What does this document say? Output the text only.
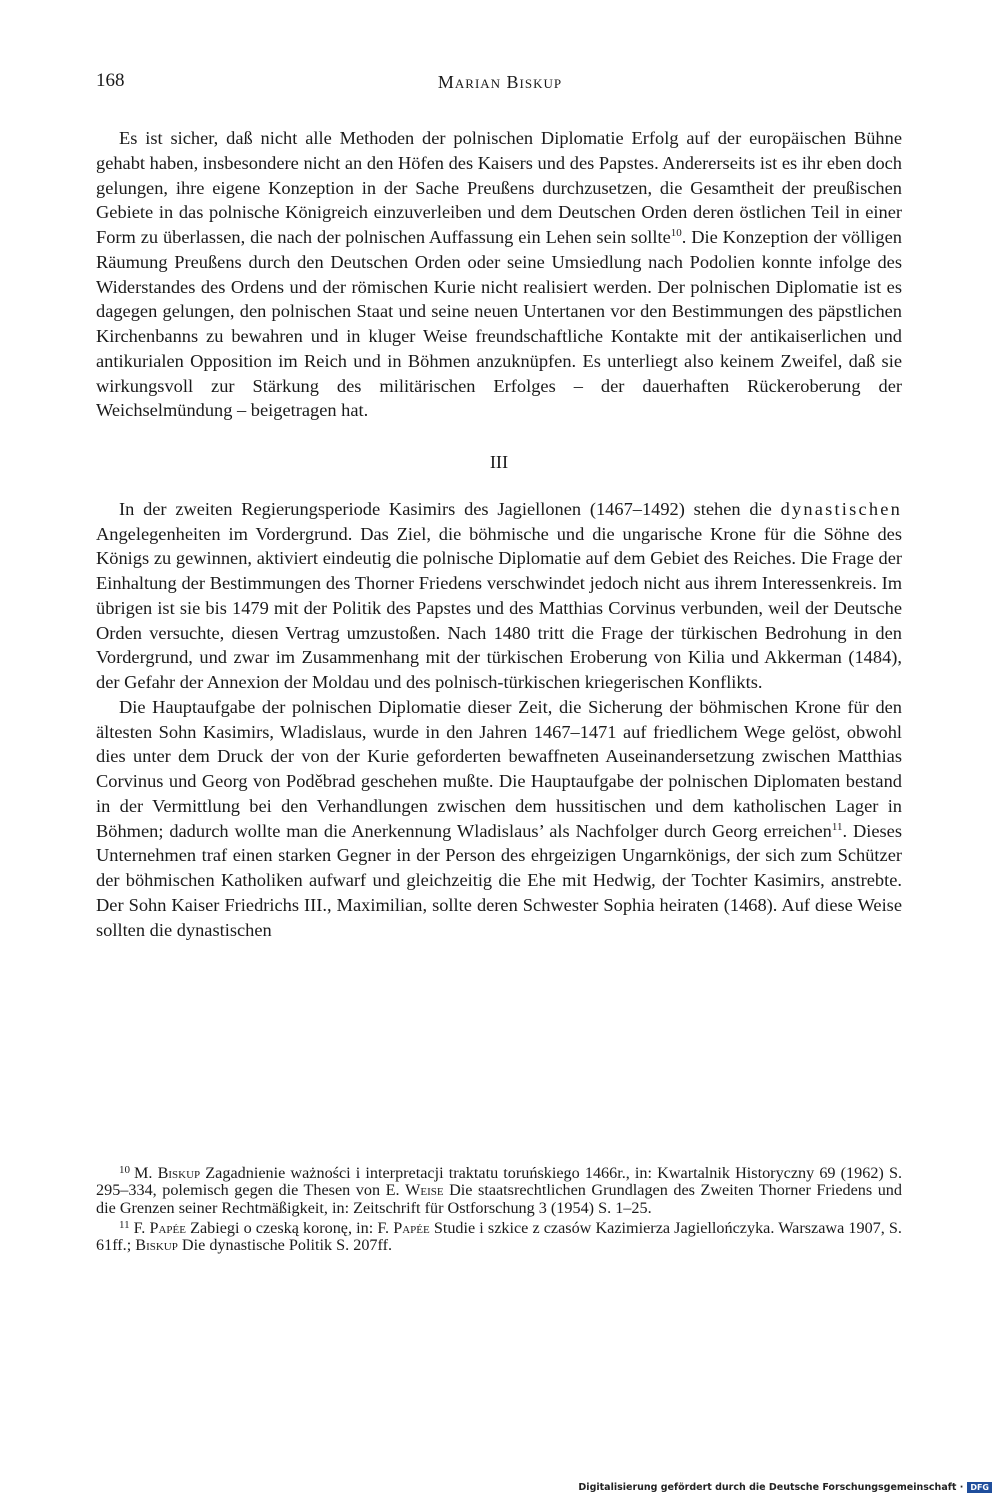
168	Marian Biskup

Es ist sicher, daß nicht alle Methoden der polnischen Diplomatie Erfolg auf der europäischen Bühne gehabt haben, insbesondere nicht an den Höfen des Kaisers und des Papstes. Andererseits ist es ihr eben doch gelungen, ihre eigene Konzeption in der Sache Preußens durchzusetzen, die Gesamtheit der preußischen Gebiete in das polnische Königreich einzuverleiben und dem Deutschen Orden deren östlichen Teil in einer Form zu überlassen, die nach der polnischen Auffassung ein Lehen sein sollte$^{10}$. Die Konzeption der völligen Räumung Preußens durch den Deutschen Orden oder seine Umsiedlung nach Podolien konnte infolge des Widerstandes des Ordens und der römischen Kurie nicht realisiert werden. Der polnischen Diplomatie ist es dagegen gelungen, den polnischen Staat und seine neuen Untertanen vor den Bestimmungen des päpstlichen Kirchenbanns zu bewahren und in kluger Weise freundschaftliche Kontakte mit der antikaiserlichen und antikurialen Opposition im Reich und in Böhmen anzuknüpfen. Es unterliegt also keinem Zweifel, daß sie wirkungsvoll zur Stärkung des militärischen Erfolges – der dauerhaften Rückeroberung der Weichselmündung – beigetragen hat.

III

In der zweiten Regierungsperiode Kasimirs des Jagiellonen (1467–1492) stehen die dynastischen Angelegenheiten im Vordergrund. Das Ziel, die böhmische und die ungarische Krone für die Söhne des Königs zu gewinnen, aktiviert eindeutig die polnische Diplomatie auf dem Gebiet des Reiches. Die Frage der Einhaltung der Bestimmungen des Thorner Friedens verschwindet jedoch nicht aus ihrem Interessenkreis. Im übrigen ist sie bis 1479 mit der Politik des Papstes und des Matthias Corvinus verbunden, weil der Deutsche Orden versuchte, diesen Vertrag umzustoßen. Nach 1480 tritt die Frage der türkischen Bedrohung in den Vordergrund, und zwar im Zusammenhang mit der türkischen Eroberung von Kilia und Akkerman (1484), der Gefahr der Annexion der Moldau und des polnisch-türkischen kriegerischen Konflikts.

Die Hauptaufgabe der polnischen Diplomatie dieser Zeit, die Sicherung der böhmischen Krone für den ältesten Sohn Kasimirs, Wladislaus, wurde in den Jahren 1467–1471 auf friedlichem Wege gelöst, obwohl dies unter dem Druck der von der Kurie geforderten bewaffneten Auseinandersetzung zwischen Matthias Corvinus und Georg von Poděbrad geschehen mußte. Die Hauptaufgabe der polnischen Diplomaten bestand in der Vermittlung bei den Verhandlungen zwischen dem hussitischen und dem katholischen Lager in Böhmen; dadurch wollte man die Anerkennung Wladislaus’ als Nachfolger durch Georg erreichen$^{11}$. Dieses Unternehmen traf einen starken Gegner in der Person des ehrgeizigen Ungarnkönigs, der sich zum Schützer der böhmischen Katholiken aufwarf und gleichzeitig die Ehe mit Hedwig, der Tochter Kasimirs, anstrebte. Der Sohn Kaiser Friedrichs III., Maximilian, sollte deren Schwester Sophia heiraten (1468). Auf diese Weise sollten die dynastischen

$^{10}$ M. Biskup Zagadnienie ważności i interpretacji traktatu toruńskiego 1466r., in: Kwartalnik Historyczny 69 (1962) S. 295–334, polemisch gegen die Thesen von E. Weise Die staatsrechtlichen Grundlagen des Zweiten Thorner Friedens und die Grenzen seiner Rechtmäßigkeit, in: Zeitschrift für Ostforschung 3 (1954) S. 1–25.

$^{11}$ F. Papée Zabiegi o czeską koronę, in: F. Papée Studie i szkice z czasów Kazimierza Jagiellończyka. Warszawa 1907, S. 61ff.; Biskup Die dynastische Politik S. 207ff.

Digitalisierung gefördert durch die Deutsche Forschungsgemeinschaft · DFG
